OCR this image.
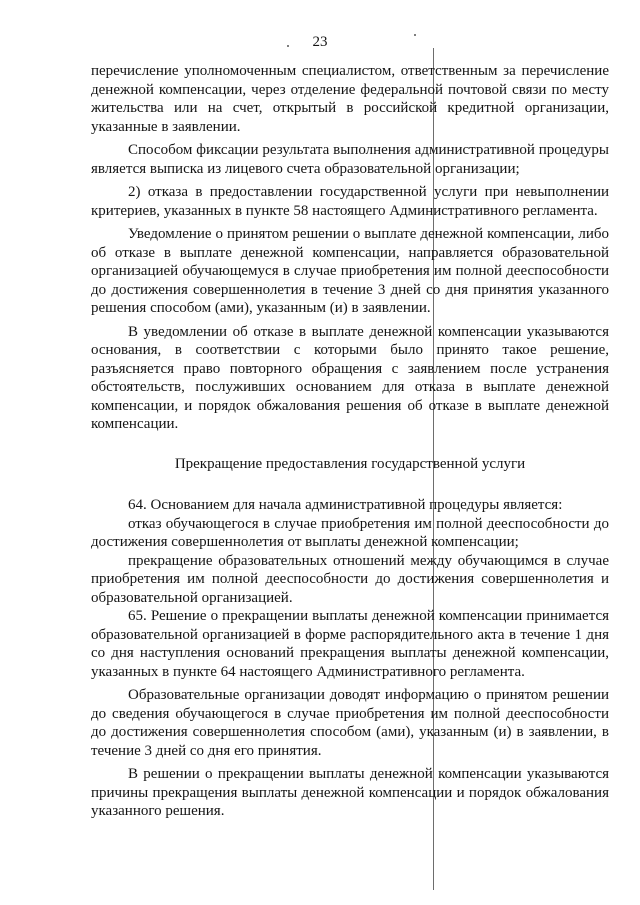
23

перечисление уполномоченным специалистом, ответственным за перечисление денежной компенсации, через отделение федеральной почтовой связи по месту жительства или на счет, открытый в российской кредитной организации, указанные в заявлении.

Способом фиксации результата выполнения административной процедуры является выписка из лицевого счета образовательной организации;

2) отказа в предоставлении государственной услуги при невыполнении критериев, указанных в пункте 58 настоящего Административного регламента.

Уведомление о принятом решении о выплате денежной компенсации, либо об отказе в выплате денежной компенсации, направляется образовательной организацией обучающемуся в случае приобретения им полной дееспособности до достижения совершеннолетия в течение 3 дней со дня принятия указанного решения способом (ами), указанным (и) в заявлении.

В уведомлении об отказе в выплате денежной компенсации указываются основания, в соответствии с которыми было принято такое решение, разъясняется право повторного обращения с заявлением после устранения обстоятельств, послуживших основанием для отказа в выплате денежной компенсации, и порядок обжалования решения об отказе в выплате денежной компенсации.

Прекращение предоставления государственной услуги

64. Основанием для начала административной процедуры является:

отказ обучающегося в случае приобретения им полной дееспособности до достижения совершеннолетия от выплаты денежной компенсации;

прекращение образовательных отношений между обучающимся в случае приобретения им полной дееспособности до достижения совершеннолетия и образовательной организацией.

65. Решение о прекращении выплаты денежной компенсации принимается образовательной организацией в форме распорядительного акта в течение 1 дня со дня наступления оснований прекращения выплаты денежной компенсации, указанных в пункте 64 настоящего Административного регламента.

Образовательные организации доводят информацию о принятом решении до сведения обучающегося в случае приобретения им полной дееспособности до достижения совершеннолетия способом (ами), указанным (и) в заявлении, в течение 3 дней со дня его принятия.

В решении о прекращении выплаты денежной компенсации указываются причины прекращения выплаты денежной компенсации и порядок обжалования указанного решения.
